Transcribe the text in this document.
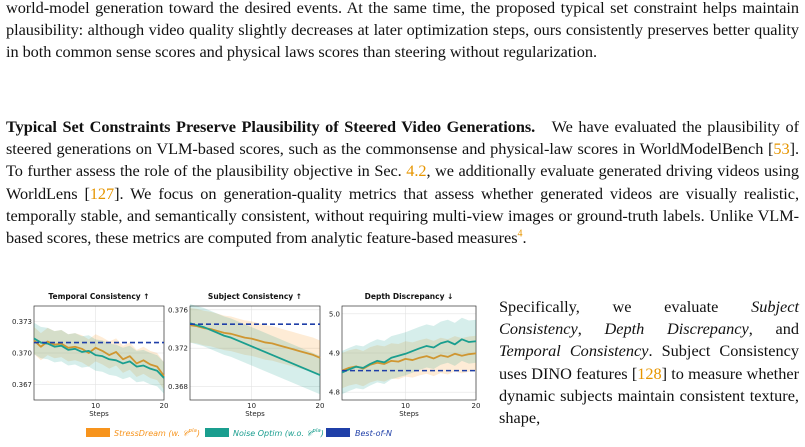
world-model generation toward the desired events. At the same time, the proposed typical set constraint helps maintain plausibility: although video quality slightly decreases at later optimization steps, ours consistently preserves better quality in both common sense scores and physical laws scores than steering without regularization.

Typical Set Constraints Preserve Plausibility of Steered Video Generations. We have evaluated the plausibility of steered generations on VLM-based scores, such as the commonsense and physical-law scores in WorldModelBench [53]. To further assess the role of the plausibility objective in Sec. 4.2, we additionally evaluate generated driving videos using WorldLens [127]. We focus on generation-quality metrics that assess whether generated videos are visually realistic, temporally stable, and semantically consistent, without requiring multi-view images or ground-truth labels. Unlike VLM-based scores, these metrics are computed from analytic feature-based measures$^4$.

Specifically, we evaluate Subject Consistency, Depth Discrepancy, and Temporal Consistency. Subject Consistency uses DINO features [128] to measure whether dynamic subjects maintain consistent texture, shape,

Temporal Consistency ↑
0.367
0.370
0.373
10	20
Steps
Subject Consistency ↑
0.368
0.372
0.376
10	20
Steps
Depth Discrepancy ↓
4.8
4.9
5.0
10	20
Steps
StressDream (w. 𝒞$^{pla}$)	Noise Optim (w.o. 𝒞$^{pla}$)	Best-of-N
